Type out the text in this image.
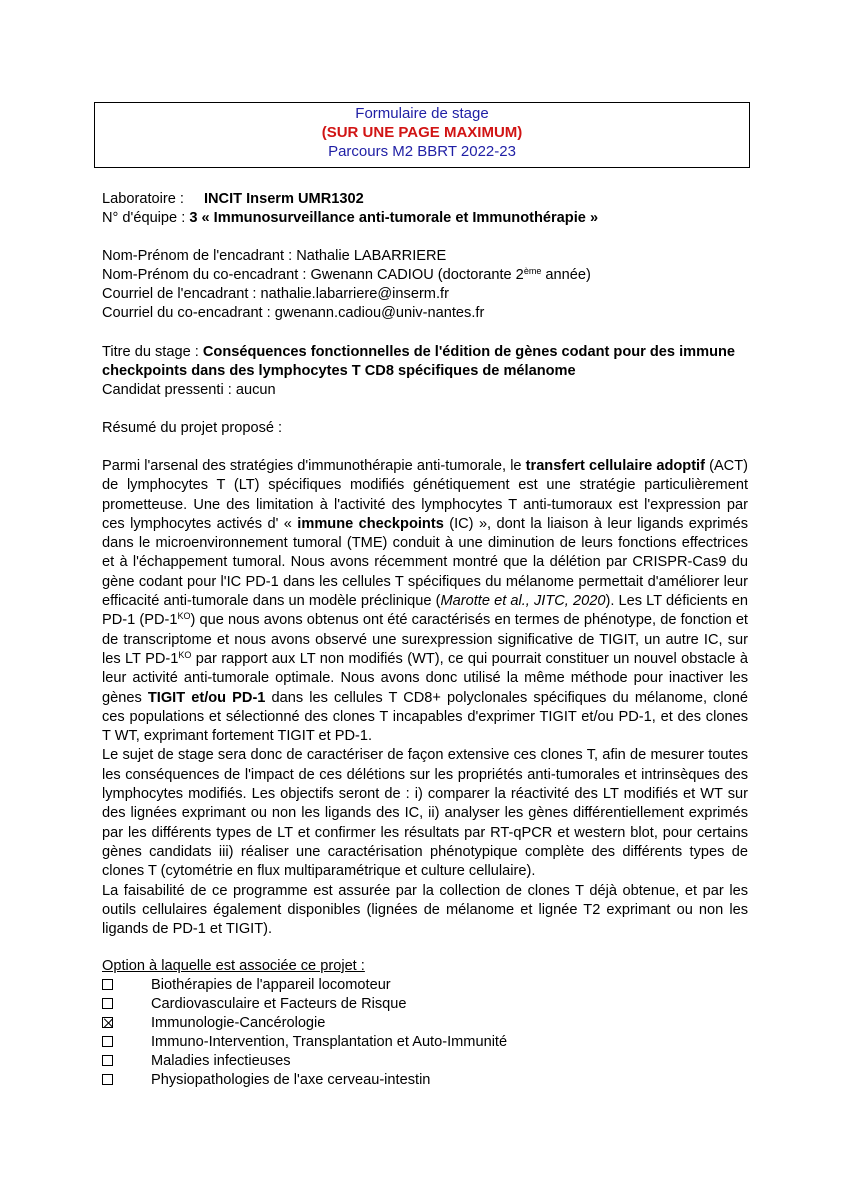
Formulaire de stage
(SUR UNE PAGE MAXIMUM)
Parcours M2 BBRT 2022-23
Laboratoire : INCIT Inserm UMR1302
N° d'équipe : 3 « Immunosurveillance anti-tumorale et Immunothérapie »
Nom-Prénom de l'encadrant : Nathalie LABARRIERE
Nom-Prénom du co-encadrant : Gwenann CADIOU (doctorante 2ème année)
Courriel de l'encadrant : nathalie.labarriere@inserm.fr
Courriel du co-encadrant : gwenann.cadiou@univ-nantes.fr
Titre du stage : Conséquences fonctionnelles de l'édition de gènes codant pour des immune
checkpoints dans des lymphocytes T CD8 spécifiques de mélanome
Candidat pressenti : aucun
Résumé du projet proposé :

Parmi l'arsenal des stratégies d'immunothérapie anti-tumorale, le transfert cellulaire adoptif (ACT) de lymphocytes T (LT) spécifiques modifiés génétiquement est une stratégie particulièrement prometteuse. Une des limitation à l'activité des lymphocytes T anti-tumoraux est l'expression par ces lymphocytes activés d' « immune checkpoints (IC) », dont la liaison à leur ligands exprimés dans le microenvironnement tumoral (TME) conduit à une diminution de leurs fonctions effectrices et à l'échappement tumoral. Nous avons récemment montré que la délétion par CRISPR-Cas9 du gène codant pour l'IC PD-1 dans les cellules T spécifiques du mélanome permettait d'améliorer leur efficacité anti-tumorale dans un modèle préclinique (Marotte et al., JITC, 2020). Les LT déficients en PD-1 $(PD-1^{KO})$ que nous avons obtenus ont été caractérisés en termes de phénotype, de fonction et de transcriptome et nous avons observé une surexpression significative de TIGIT, un autre IC, sur les LT $PD-1^{KO}$ par rapport aux LT non modifiés (WT), ce qui pourrait constituer un nouvel obstacle à leur activité anti-tumorale optimale. Nous avons donc utilisé la même méthode pour inactiver les gènes TIGIT et/ou PD-1 dans les cellules T CD8+ polyclonales spécifiques du mélanome, cloné ces populations et sélectionné des clones T incapables d'exprimer TIGIT et/ou PD-1, et des clones T WT, exprimant fortement TIGIT et PD-1.

Le sujet de stage sera donc de caractériser de façon extensive ces clones T, afin de mesurer toutes les conséquences de l'impact de ces délétions sur les propriétés anti-tumorales et intrinsèques des lymphocytes modifiés. Les objectifs seront de : i) comparer la réactivité des LT modifiés et WT sur des lignées exprimant ou non les ligands des IC, ii) analyser les gènes différentiellement exprimés par les différents types de LT et confirmer les résultats par RT-qPCR et western blot, pour certains gènes candidats iii) réaliser une caractérisation phénotypique complète des différents types de clones T (cytométrie en flux multiparamétrique et culture cellulaire).

La faisabilité de ce programme est assurée par la collection de clones T déjà obtenue, et par les outils cellulaires également disponibles (lignées de mélanome et lignée T2 exprimant ou non les ligands de PD-1 et TIGIT).

Option à laquelle est associée ce projet :
Biothérapies de l'appareil locomoteur
Cardiovasculaire et Facteurs de Risque
Immunologie-Cancérologie
Immuno-Intervention, Transplantation et Auto-Immunité
Maladies infectieuses
Physiopathologies de l'axe cerveau-intestin
